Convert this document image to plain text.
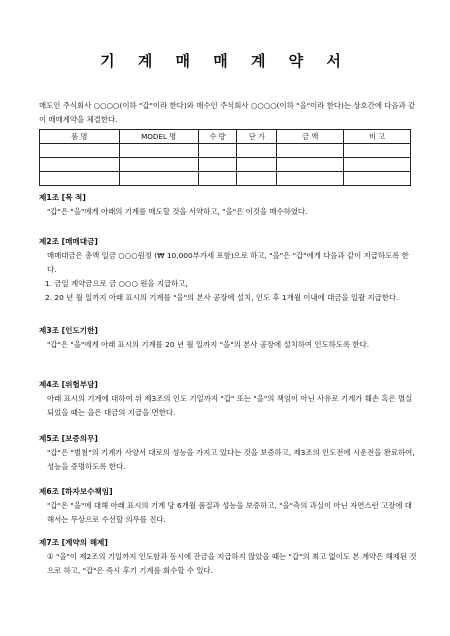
기 계 매 매 계 약 서
매도인 주식회사 ○○○○(이하 "갑"이라 한다)와 매수인 주식회사 ○○○○(이하 "을"이라 한다)는 상호간에 다음과 같이 매매계약을 체결한다.
품 명	MODEL 명	수 량	단 가	금 액	비 고

제1조 [목 적]
"갑"은 "을"에게 아래의 기계를 매도할 것을 서약하고, "을"은 이것을 매수하였다.
제2조 [매매대금]
매매대금은 총액 일금 ○○○원정 (₩ 10,000부가세 포함)으로 하고, "을"은 "갑"에게 다음과 같이 지급하도록 한다.
1. 금일 계약금으로 금 ○○○ 원을 지급하고,
2. 20 년 월 일까지 아래 표시의 기계를 "을"의 본사 공장에 설치, 인도 후 1개월 이내에 대금을 일괄 지급한다.
제3조 [인도기한]
"갑"은 "을"에게 아래 표시의 기계를 20 년 월 일까지 "을"의 본사 공장에 설치하여 인도하도록 한다.
제4조 [위험부담]
아래 표시의 기계에 대하여 위 제3조의 인도 기일까지 "갑" 또는 "을"의 책임이 아닌 사유로 기계가 훼손 혹은 멸실 되었을 때는 을은 대금의 지급을 면한다.
제5조 [보증의무]
"갑"은 "별첨"의 기계가 사양서 대로의 성능을 가지고 있다는 것을 보증하고, 제3조의 인도전에 시운전을 완료하여, 성능을 증명하도록 한다.
제6조 [하자보수책임]
"갑"은 "을"에 대해 아래 표시의 기계 당 6개월 품질과 성능을 보증하고, "을"측의 과실이 아닌 자연스런 고장에 대해서는 무상으로 수선할 의무를 진다.
제7조 [계약의 해제]
① "을"이 제2조의 기일까지 인도함과 동시에 잔금을 지급하지 않았을 때는 "갑"의 최고 없이도 본 계약은 해제된 것으로 하고, "갑"은 즉시 후기 기계를 회수할 수 있다.
